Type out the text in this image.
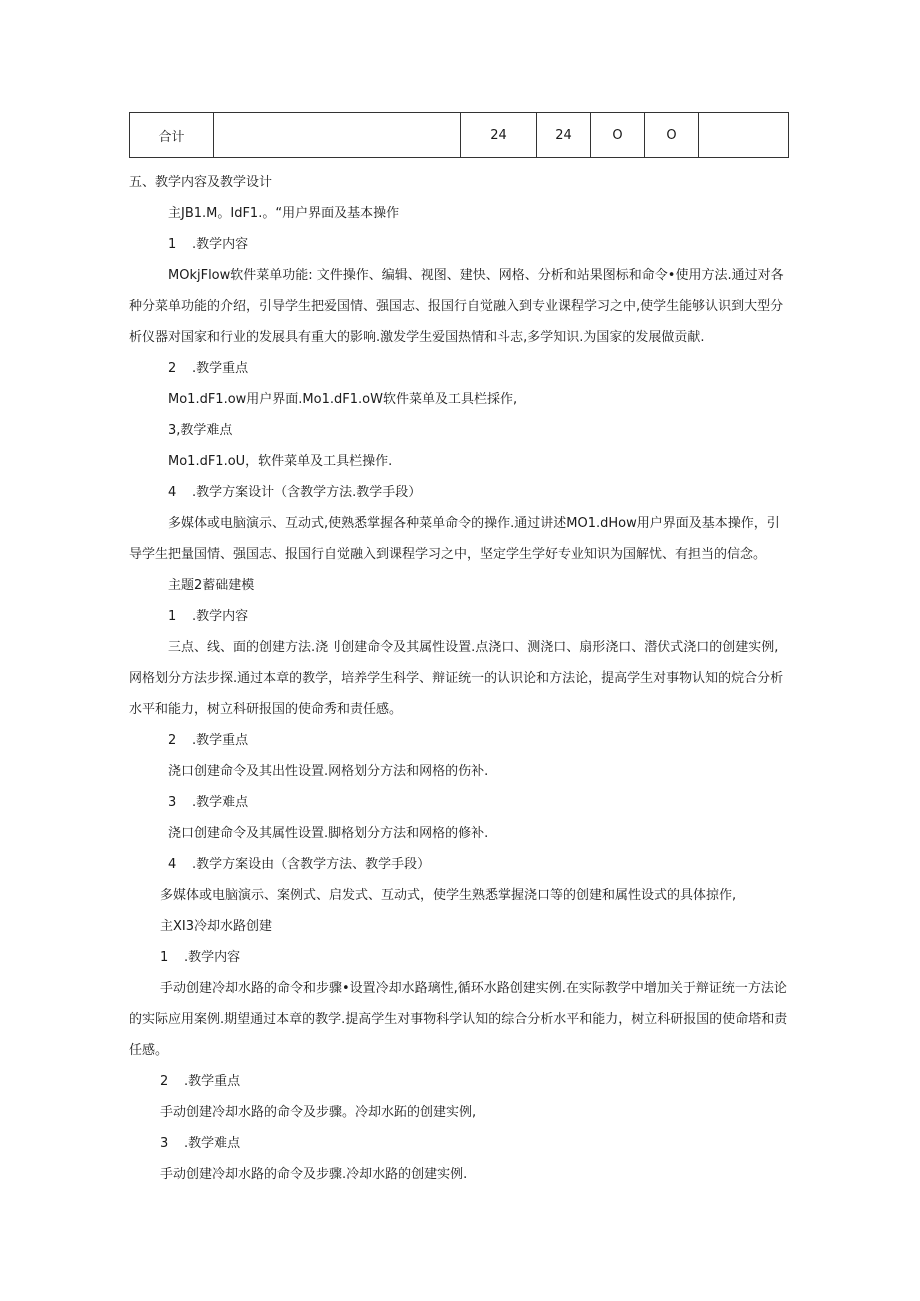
合计		24	24	O	O	
五、教学内容及教学设计
主JB1.M。IdF1.。“用户界面及基本操作
1 .教学内容
MOkjFlow软件菜单功能: 文件操作、编辑、视图、建快、网格、分析和站果图标和命令•使用方法.通过对各
种分菜单功能的介绍，引导学生把爱国情、强国志、报国行自觉融入到专业课程学习之中,使学生能够认识到大型分
析仪器对国家和行业的发展具有重大的影响.激发学生爱国热情和斗志,多学知识.为国家的发展做贡献.
2 .教学重点
Mo1.dF1.ow用户界面.Mo1.dF1.oW软件菜单及工具栏採作,
3,教学难点
Mo1.dF1.oU，软件菜单及工具栏操作.
4 .教学方案设计（含教学方法.教学手段）
多媒体或电脑演示、互动式,使熟悉掌握各种菜单命令的操作.通过讲述MO1.dHow用户界面及基本操作，引
导学生把量国情、强国志、报国行自觉融入到课程学习之中，坚定学生学好专业知识为国解忧、有担当的信念。
主题2蓄础建模
1 .教学内容
三点、线、面的创建方法.浇刂创建命令及其属性设置.点浇口、测浇口、扇形浇口、潜伏式浇口的创建实例,
网格划分方法步探.通过本章的教学，培养学生科学、辩证统一的认识论和方法论，提高学生对事物认知的烷合分析
水平和能力，树立科研报国的使命秀和责任感。
2 .教学重点
浇口创建命令及其出性设置.网格划分方法和网格的伤补.
3 .教学难点
浇口创建命令及其属性设置.脚格划分方法和网格的修补.
4 .教学方案设由（含教学方法、教学手段）
多媒体或电脑演示、案例式、启发式、互动式，使学生熟悉掌握浇口等的创建和属性设式的具体掠作,
主XI3冷却水路创建
1 .教学内容
手动创建冷却水路的命令和步骤•设置冷却水路璃性,循环水路创建实例.在实际教学中增加关于辩证统一方法论
的实际应用案例.期望通过本章的教学.提高学生对事物科学认知的综合分析水平和能力，树立科研报国的使命塔和责
任感。
2 .教学重点
手动创建冷却水路的命令及步骤。冷却水跖的创建实例,
3 .教学难点
手动创建冷却水路的命令及步骤.冷却水路的创建实例.
